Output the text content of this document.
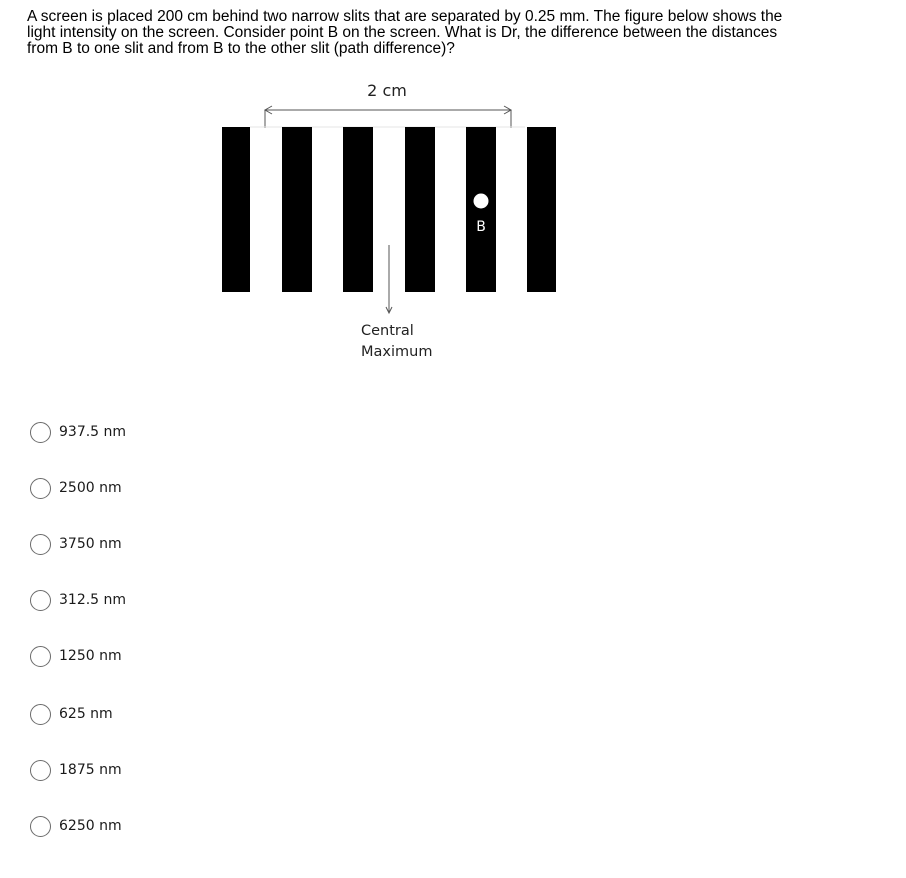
A screen is placed 200 cm behind two narrow slits that are separated by 0.25 mm. The figure below shows the light intensity on the screen. Consider point B on the screen. What is Dr, the difference between the distances from B to one slit and from B to the other slit (path difference)?

2 cm
B
Central
Maximum
937.5 nm
2500 nm
3750 nm
312.5 nm
1250 nm
625 nm
1875 nm
6250 nm
